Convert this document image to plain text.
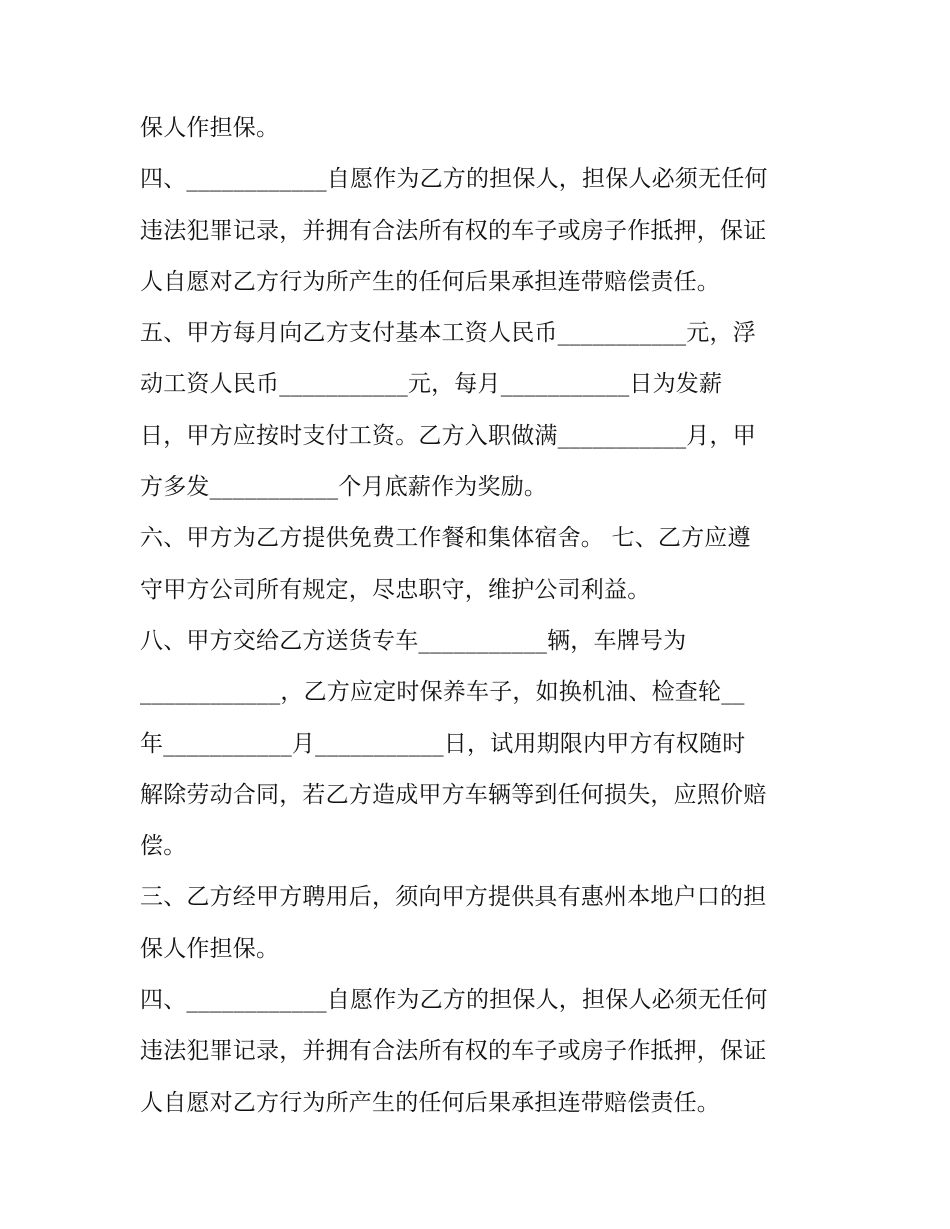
保人作担保。
四、____________自愿作为乙方的担保人，担保人必须无任何
违法犯罪记录，并拥有合法所有权的车子或房子作抵押，保证
人自愿对乙方行为所产生的任何后果承担连带赔偿责任。
五、甲方每月向乙方支付基本工资人民币___________元，浮
动工资人民币___________元，每月___________日为发薪
日，甲方应按时支付工资。乙方入职做满___________月，甲
方多发___________个月底薪作为奖励。
六、甲方为乙方提供免费工作餐和集体宿舍。 七、乙方应遵
守甲方公司所有规定，尽忠职守，维护公司利益。
八、甲方交给乙方送货专车___________辆，车牌号为
____________，乙方应定时保养车子，如换机油、检查轮__
年___________月___________日，试用期限内甲方有权随时
解除劳动合同，若乙方造成甲方车辆等到任何损失，应照价赔
偿。
三、乙方经甲方聘用后，须向甲方提供具有惠州本地户口的担
保人作担保。
四、____________自愿作为乙方的担保人，担保人必须无任何
违法犯罪记录，并拥有合法所有权的车子或房子作抵押，保证
人自愿对乙方行为所产生的任何后果承担连带赔偿责任。
